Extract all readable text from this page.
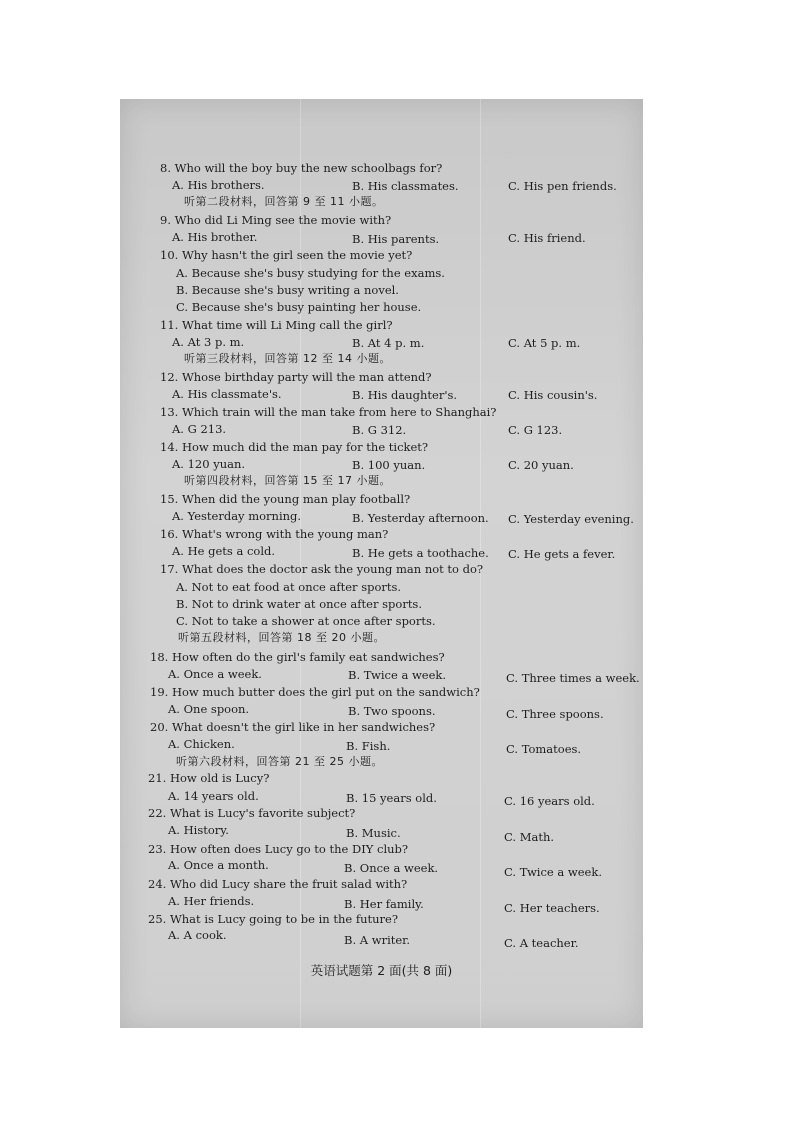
8. Who will the boy buy the new schoolbags for?
A. His brothers.	B. His classmates.	C. His pen friends.
听第二段材料，回答第 9 至 11 小题。
9. Who did Li Ming see the movie with?
A. His brother.	B. His parents.	C. His friend.
10. Why hasn't the girl seen the movie yet?
A. Because she's busy studying for the exams.
B. Because she's busy writing a novel.
C. Because she's busy painting her house.
11. What time will Li Ming call the girl?
A. At 3 p. m.	B. At 4 p. m.	C. At 5 p. m.
听第三段材料，回答第 12 至 14 小题。
12. Whose birthday party will the man attend?
A. His classmate's.	B. His daughter's.	C. His cousin's.
13. Which train will the man take from here to Shanghai?
A. G 213.	B. G 312.	C. G 123.
14. How much did the man pay for the ticket?
A. 120 yuan.	B. 100 yuan.	C. 20 yuan.
听第四段材料，回答第 15 至 17 小题。
15. When did the young man play football?
A. Yesterday morning.	B. Yesterday afternoon. C. Yesterday evening.
16. What's wrong with the young man?
A. He gets a cold.	B. He gets a toothache. C. He gets a fever.
17. What does the doctor ask the young man not to do?
A. Not to eat food at once after sports.
B. Not to drink water at once after sports.
C. Not to take a shower at once after sports.
听第五段材料，回答第 18 至 20 小题。
18. How often do the girl's family eat sandwiches?
A. Once a week.	B. Twice a week.	C. Three times a week.
19. How much butter does the girl put on the sandwich?
A. One spoon.	B. Two spoons.	C. Three spoons.
20. What doesn't the girl like in her sandwiches?
A. Chicken.	B. Fish.	C. Tomatoes.
听第六段材料，回答第 21 至 25 小题。
21. How old is Lucy?
A. 14 years old.	B. 15 years old.	C. 16 years old.
22. What is Lucy's favorite subject?
A. History.	B. Music.	C. Math.
23. How often does Lucy go to the DIY club?
A. Once a month.	B. Once a week.	C. Twice a week.
24. Who did Lucy share the fruit salad with?
A. Her friends.	B. Her family.	C. Her teachers.
25. What is Lucy going to be in the future?
A. A cook.	B. A writer.	C. A teacher.
英语试题第 2 面(共 8 面)
